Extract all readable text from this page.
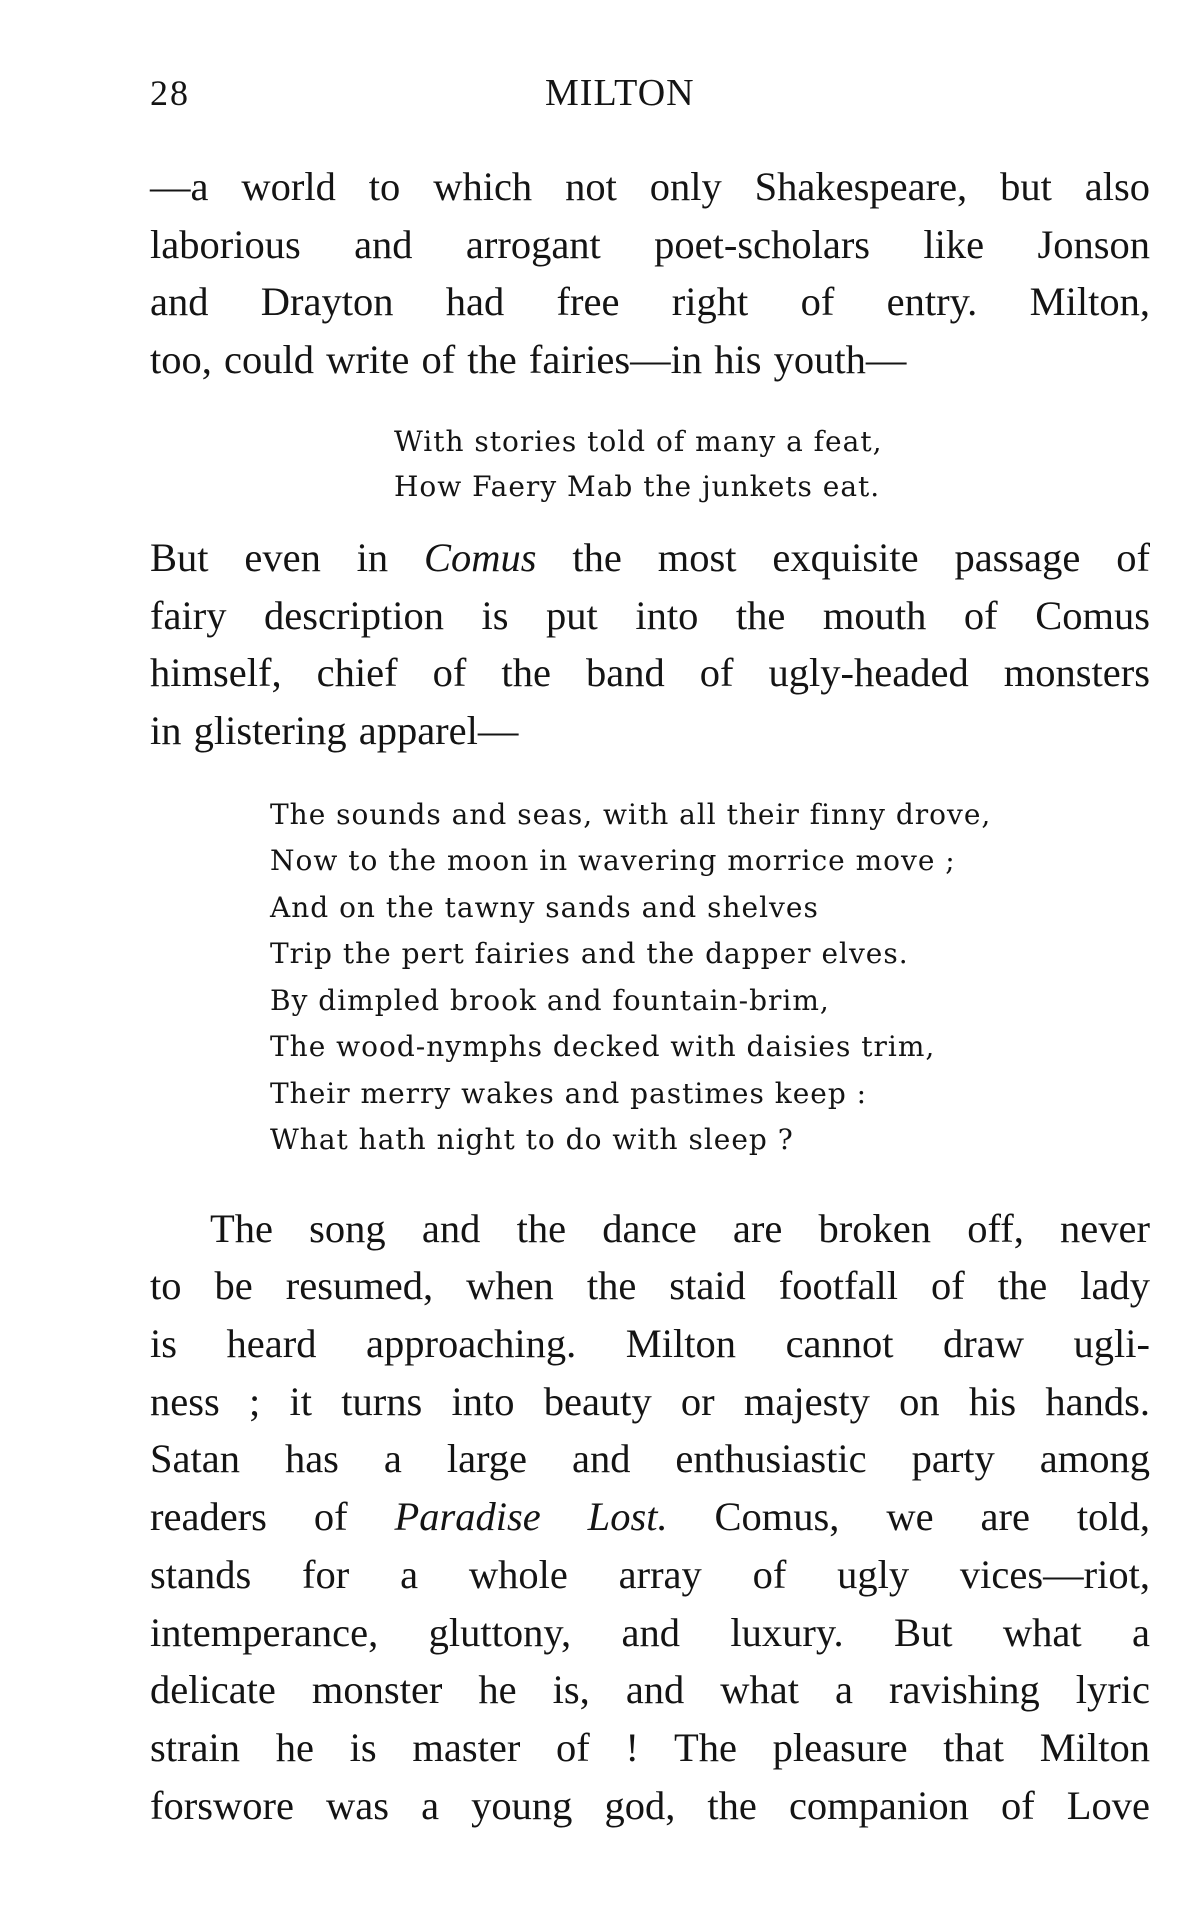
28	MILTON
—a world to which not only Shakespeare, but also
laborious and arrogant poet-scholars like Jonson
and Drayton had free right of entry. Milton,
too, could write of the fairies—in his youth—
With stories told of many a feat,
How Faery Mab the junkets eat.
But even in Comus the most exquisite passage of
fairy description is put into the mouth of Comus
himself, chief of the band of ugly-headed monsters
in glistering apparel—
The sounds and seas, with all their finny drove,
Now to the moon in wavering morrice move ;
And on the tawny sands and shelves
Trip the pert fairies and the dapper elves.
By dimpled brook and fountain-brim,
The wood-nymphs decked with daisies trim,
Their merry wakes and pastimes keep :
What hath night to do with sleep ?
The song and the dance are broken off, never
to be resumed, when the staid footfall of the lady
is heard approaching. Milton cannot draw ugli-
ness ; it turns into beauty or majesty on his hands.
Satan has a large and enthusiastic party among
readers of Paradise Lost. Comus, we are told,
stands for a whole array of ugly vices—riot,
intemperance, gluttony, and luxury. But what a
delicate monster he is, and what a ravishing lyric
strain he is master of ! The pleasure that Milton
forswore was a young god, the companion of Love
